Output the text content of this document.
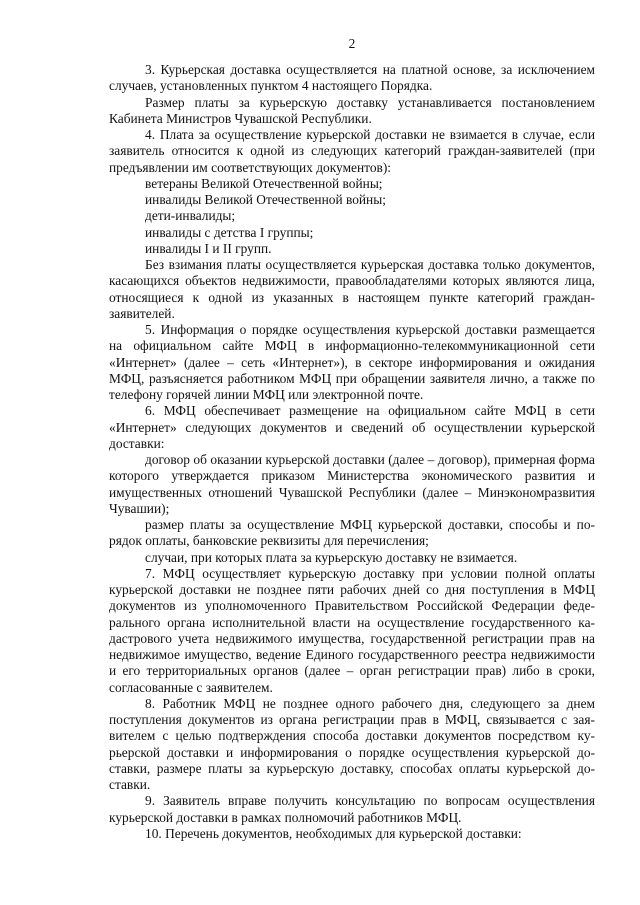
2

3. Курьерская доставка осуществляется на платной основе, за исключением случаев, установленных пунктом 4 настоящего Порядка.

Размер платы за курьерскую доставку устанавливается постановлением Кабинета Министров Чувашской Республики.

4. Плата за осуществление курьерской доставки не взимается в случае, если заявитель относится к одной из следующих категорий граждан-заявителей (при предъявлении им соответствующих документов):

ветераны Великой Отечественной войны;

инвалиды Великой Отечественной войны;

дети-инвалиды;

инвалиды с детства I группы;

инвалиды I и II групп.

Без взимания платы осуществляется курьерская доставка только документов, касающихся объектов недвижимости, правообладателями которых являются лица, относящиеся к одной из указанных в настоящем пункте категорий граждан-заявителей.

5. Информация о порядке осуществления курьерской доставки размещается на официальном сайте МФЦ в информационно-телекоммуникационной сети «Интернет» (далее – сеть «Интернет»), в секторе информирования и ожидания МФЦ, разъясняется работником МФЦ при обращении заявителя лично, а также по телефону горячей линии МФЦ или электронной почте.

6. МФЦ обеспечивает размещение на официальном сайте МФЦ в сети «Интернет» следующих документов и сведений об осуществлении курьерской доставки:

договор об оказании курьерской доставки (далее – договор), примерная форма которого утверждается приказом Министерства экономического развития и имущественных отношений Чувашской Республики (далее – Минэкономразвития Чувашии);

размер платы за осуществление МФЦ курьерской доставки, способы и порядок оплаты, банковские реквизиты для перечисления;

случаи, при которых плата за курьерскую доставку не взимается.

7. МФЦ осуществляет курьерскую доставку при условии полной оплаты курьерской доставки не позднее пяти рабочих дней со дня поступления в МФЦ документов из уполномоченного Правительством Российской Федерации федерального органа исполнительной власти на осуществление государственного кадастрового учета недвижимого имущества, государственной регистрации прав на недвижимое имущество, ведение Единого государственного реестра недвижимости и его территориальных органов (далее – орган регистрации прав) либо в сроки, согласованные с заявителем.

8. Работник МФЦ не позднее одного рабочего дня, следующего за днем поступления документов из органа регистрации прав в МФЦ, связывается с заявителем с целью подтверждения способа доставки документов посредством курьерской доставки и информирования о порядке осуществления курьерской доставки, размере платы за курьерскую доставку, способах оплаты курьерской доставки.

9. Заявитель вправе получить консультацию по вопросам осуществления курьерской доставки в рамках полномочий работников МФЦ.

10. Перечень документов, необходимых для курьерской доставки:
